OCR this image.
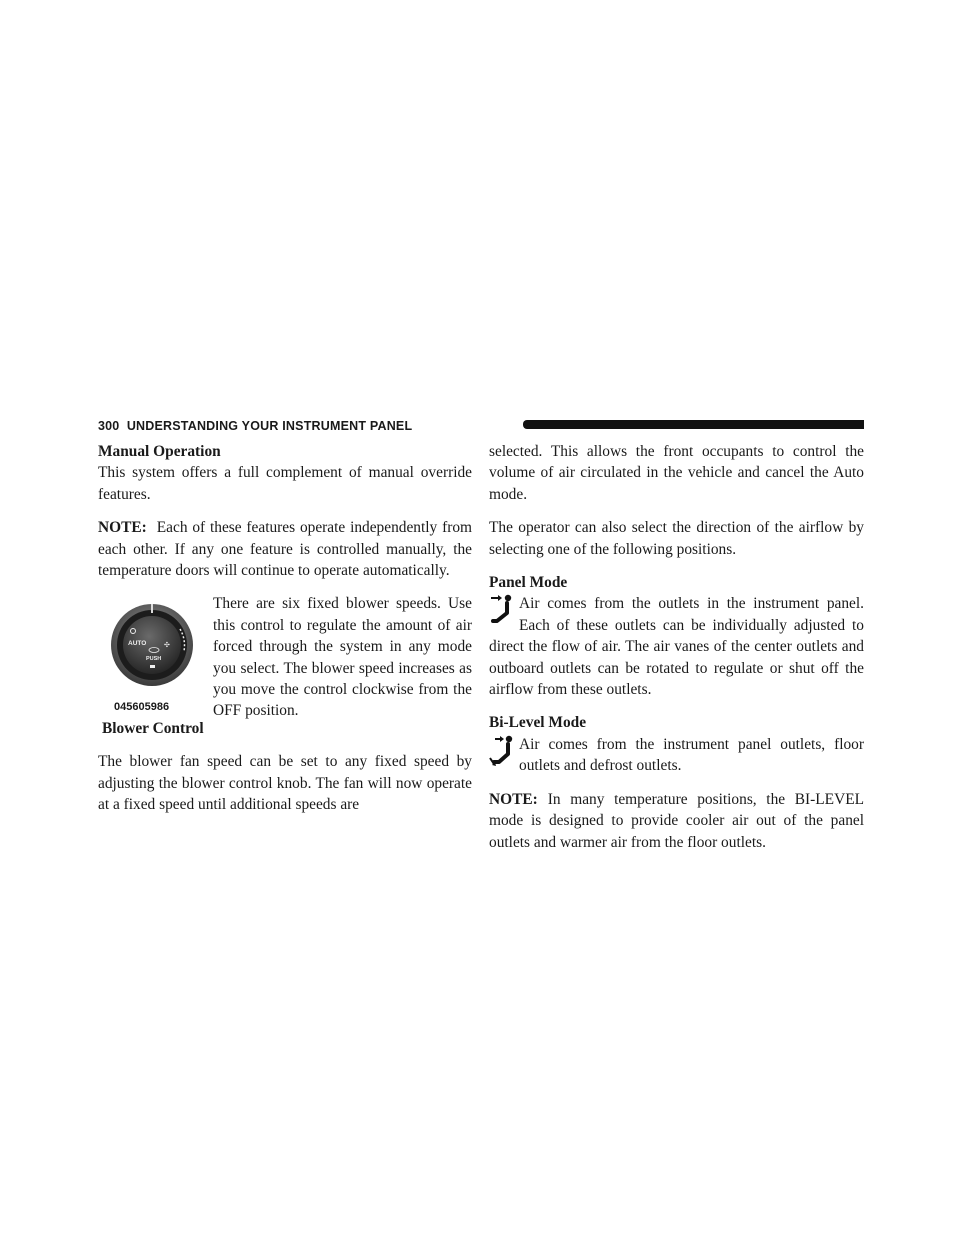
300 UNDERSTANDING YOUR INSTRUMENT PANEL
Manual Operation

This system offers a full complement of manual override features.

NOTE: Each of these features operate independently from each other. If any one feature is controlled manually, the temperature doors will continue to operate automatically.

AUTO	✣
PUSH
045605986
Blower Control
There are six fixed blower speeds. Use this control to regulate the amount of air forced through the system in any mode you select. The blower speed increases as you move the control clockwise from the OFF position.

The blower fan speed can be set to any fixed speed by adjusting the blower control knob. The fan will now operate at a fixed speed until additional speeds are

selected. This allows the front occupants to control the volume of air circulated in the vehicle and cancel the Auto mode.

The operator can also select the direction of the airflow by selecting one of the following positions.

Panel Mode
Air comes from the outlets in the instrument panel. Each of these outlets can be individually adjusted to direct the flow of air. The air vanes of the center outlets and outboard outlets can be rotated to regulate or shut off the airflow from these outlets.
Bi-Level Mode
Air comes from the instrument panel outlets, floor outlets and defrost outlets.

NOTE: In many temperature positions, the BI-LEVEL mode is designed to provide cooler air out of the panel outlets and warmer air from the floor outlets.
